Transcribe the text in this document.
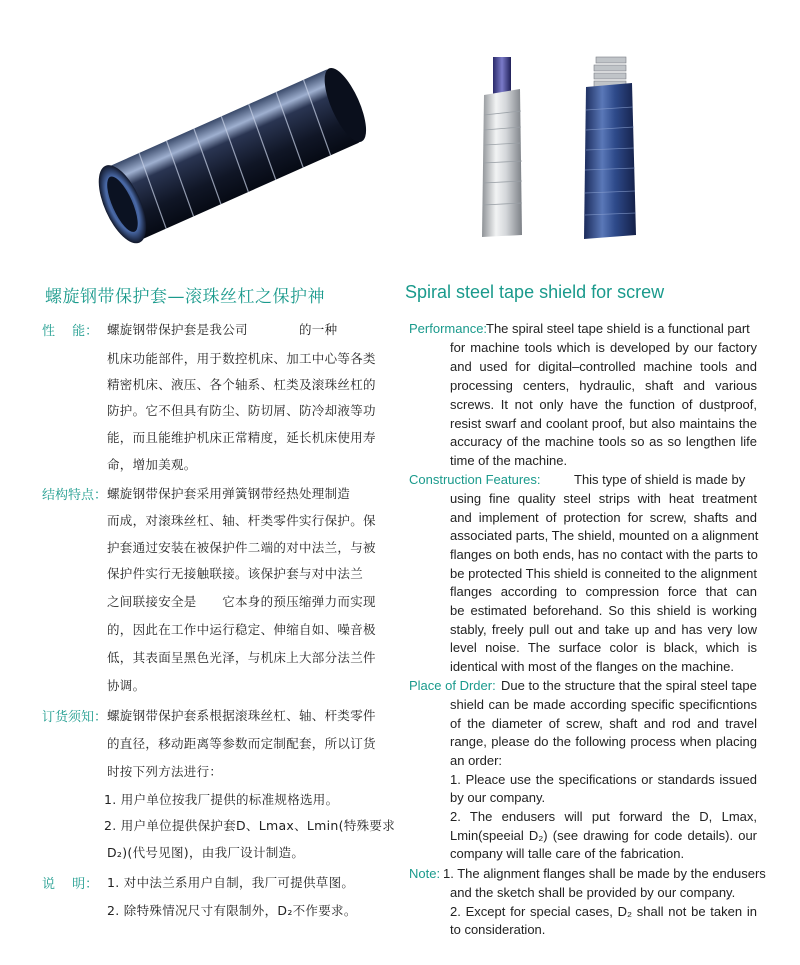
螺旋钢带保护套—滚珠丝杠之保护神	Spiral steel tape shield for screw
性　 能： 螺旋钢带保护套是我公司　　　　的一种
机床功能部件，用于数控机床、加工中心等各类
精密机床、液压、各个轴系、杠类及滚珠丝杠的
防护。它不但具有防尘、防切屑、防冷却液等功
能，而且能维护机床正常精度，延长机床使用寿
命，增加美观。
结构特点： 螺旋钢带保护套采用弹簧钢带经热处理制造
而成，对滚珠丝杠、轴、杆类零件实行保护。保
护套通过安装在被保护件二端的对中法兰，与被
保护件实行无接触联接。该保护套与对中法兰
之间联接安全是　　它本身的预压缩弹力而实现
的，因此在工作中运行稳定、伸缩自如、噪音极
低，其表面呈黑色光泽，与机床上大部分法兰件
协调。
订货须知： 螺旋钢带保护套系根据滚珠丝杠、轴、杆类零件
的直径，移动距离等参数而定制配套，所以订货
时按下列方法进行：
1. 用户单位按我厂提供的标准规格选用。
2. 用户单位提供保护套D、Lmax、Lmin(特殊要求
D₂)(代号见图)，由我厂设计制造。
说　 明： 1. 对中法兰系用户自制，我厂可提供草图。
2. 除特殊情况尺寸有限制外，D₂不作要求。
Performance:
The spiral steel tape shield is a functional part
for machine tools which is developed by our factory
and used for digital–controlled machine tools and
processing centers, hydraulic, shaft and various
screws. It not only have the function of dustproof,
resist swarf and coolant proof, but also maintains the
accuracy of the machine tools so as so lengthen life
time of the machine.
Construction Features:	This type of shield is made by
using fine quality steel strips with heat treatment
and implement of protection for screw, shafts and
associated parts, The shield, mounted on a alignment
flanges on both ends, has no contact with the parts to
be protected This shield is conneited to the alignment
flanges according to compression force that can
be estimated beforehand. So this shield is working
stably, freely pull out and take up and has very low
level noise. The surface color is black, which is
identical with most of the flanges on the machine.
Place of Drder: Due to the structure that the spiral steel tape
shield can be made according specific specificntions
of the diameter of screw, shaft and rod and travel
range, please do the following process when placing
an order:
1. Pleace use the specifications or standards issued
by our company.
2. The endusers will put forward the D, Lmax,
Lmin(speeial D₂) (see drawing for code details). our
company will talle care of the fabrication.
Note: 1. The alignment flanges shall be made by the endusers
and the sketch shall be provided by our company.
2. Except for special cases, D₂ shall not be taken in
to consideration.
